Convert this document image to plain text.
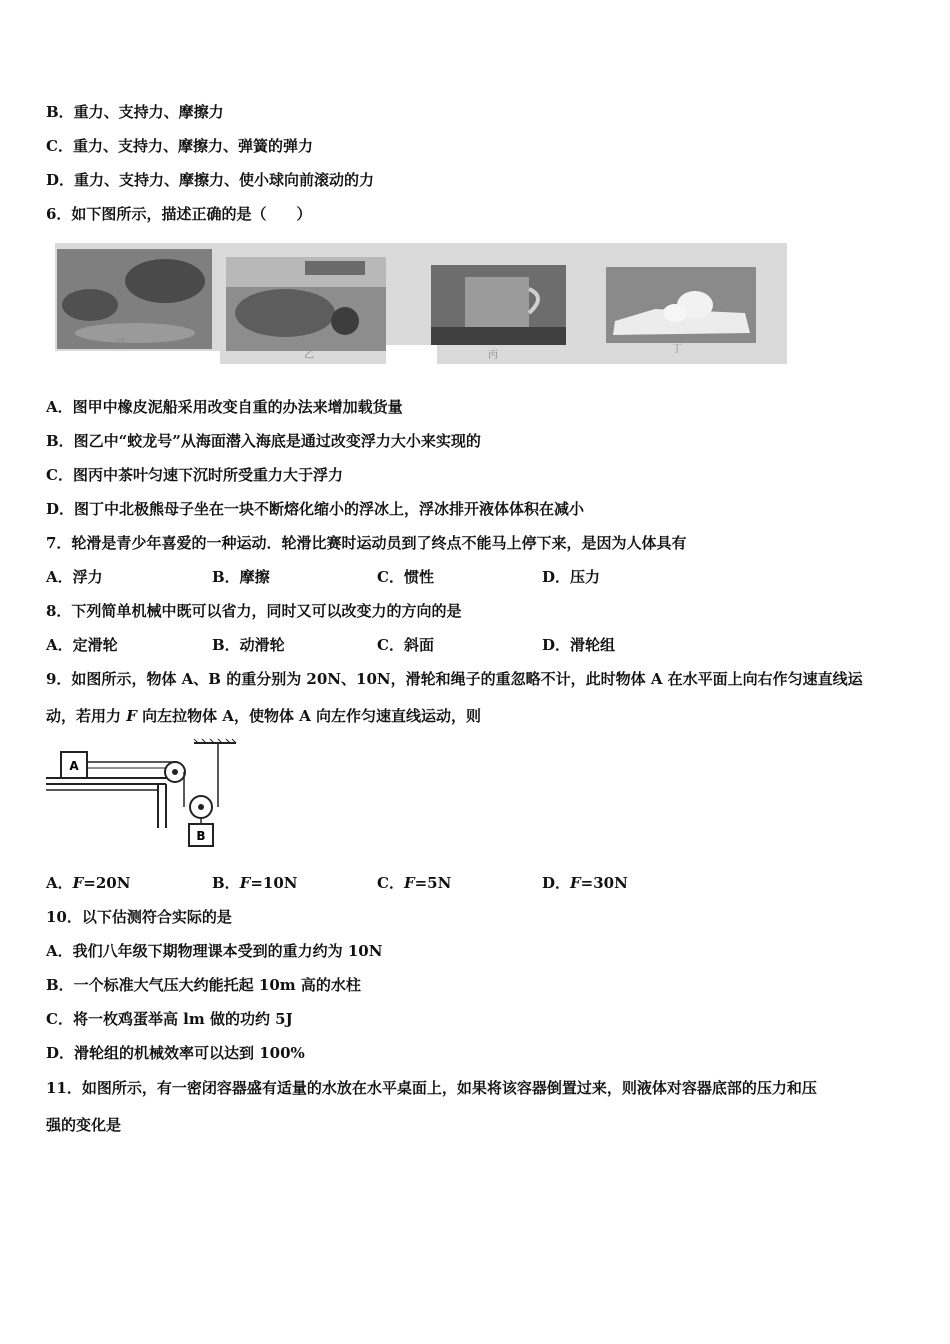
B．重力、支持力、摩擦力
C．重力、支持力、摩擦力、弹簧的弹力
D．重力、支持力、摩擦力、使小球向前滚动的力
6．如下图所示，描述正确的是（　　）
甲
乙	丙
丁
A．图甲中橡皮泥船采用改变自重的办法来增加载货量
B．图乙中“蛟龙号”从海面潜入海底是通过改变浮力大小来实现的
C．图丙中茶叶匀速下沉时所受重力大于浮力
D．图丁中北极熊母子坐在一块不断熔化缩小的浮冰上，浮冰排开液体体积在减小
7．轮滑是青少年喜爱的一种运动．轮滑比赛时运动员到了终点不能马上停下来，是因为人体具有
A．浮力	B．摩擦	C．惯性	D．压力
8．下列简单机械中既可以省力，同时又可以改变力的方向的是
A．定滑轮	B．动滑轮	C．斜面	D．滑轮组
9．如图所示，物体 A、B 的重分别为 20N、10N，滑轮和绳子的重忽略不计，此时物体 A 在水平面上向右作匀速直线运
动，若用力 F 向左拉物体 A，使物体 A 向左作匀速直线运动，则
A
B
A．F=20N	B．F=10N	C．F=5N	D．F=30N
10．以下估测符合实际的是
A．我们八年级下期物理课本受到的重力约为 10N
B．一个标准大气压大约能托起 10m 高的水柱
C．将一枚鸡蛋举高 lm 做的功约 5J
D．滑轮组的机械效率可以达到 100%
11．如图所示，有一密闭容器盛有适量的水放在水平桌面上，如果将该容器倒置过来，则液体对容器底部的压力和压
强的变化是
